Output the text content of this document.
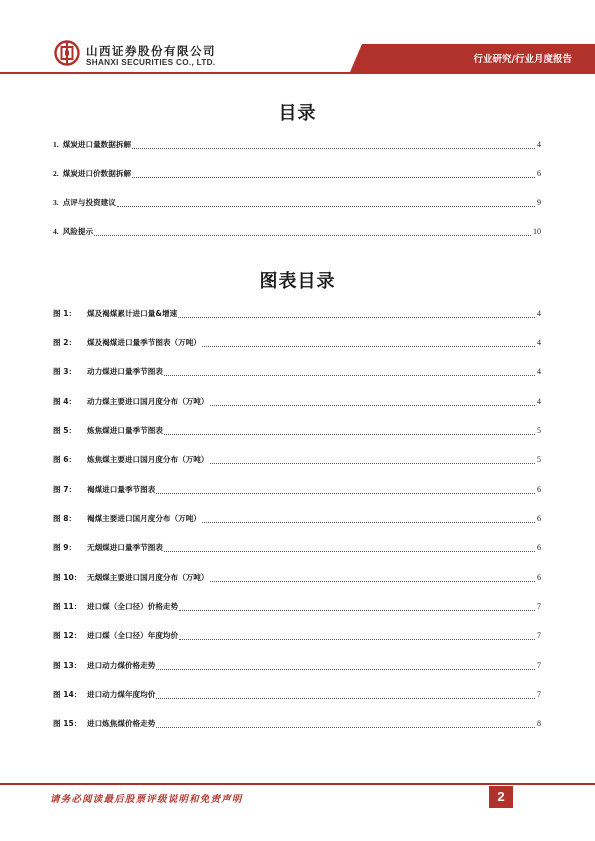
山西证券股份有限公司
SHANXI SECURITIES CO., LTD.	行业研究/行业月度报告
目录
1. 煤炭进口量数据拆解	4
2. 煤炭进口价数据拆解	6
3. 点评与投资建议	9
4. 风险提示	10
图表目录
图 1：	煤及褐煤累计进口量&增速	4
图 2：	煤及褐煤进口量季节图表（万吨）	4
图 3：	动力煤进口量季节图表	4
图 4：	动力煤主要进口国月度分布（万吨）	4
图 5：	炼焦煤进口量季节图表	5
图 6：	炼焦煤主要进口国月度分布（万吨）	5
图 7：	褐煤进口量季节图表	6
图 8：	褐煤主要进口国月度分布（万吨）	6
图 9：	无烟煤进口量季节图表	6
图 10： 无烟煤主要进口国月度分布（万吨）	6
图 11： 进口煤（全口径）价格走势	7
图 12： 进口煤（全口径）年度均价	7
图 13： 进口动力煤价格走势	7
图 14： 进口动力煤年度均价	7
图 15： 进口炼焦煤价格走势	8
请务必阅读最后股票评级说明和免责声明	2
